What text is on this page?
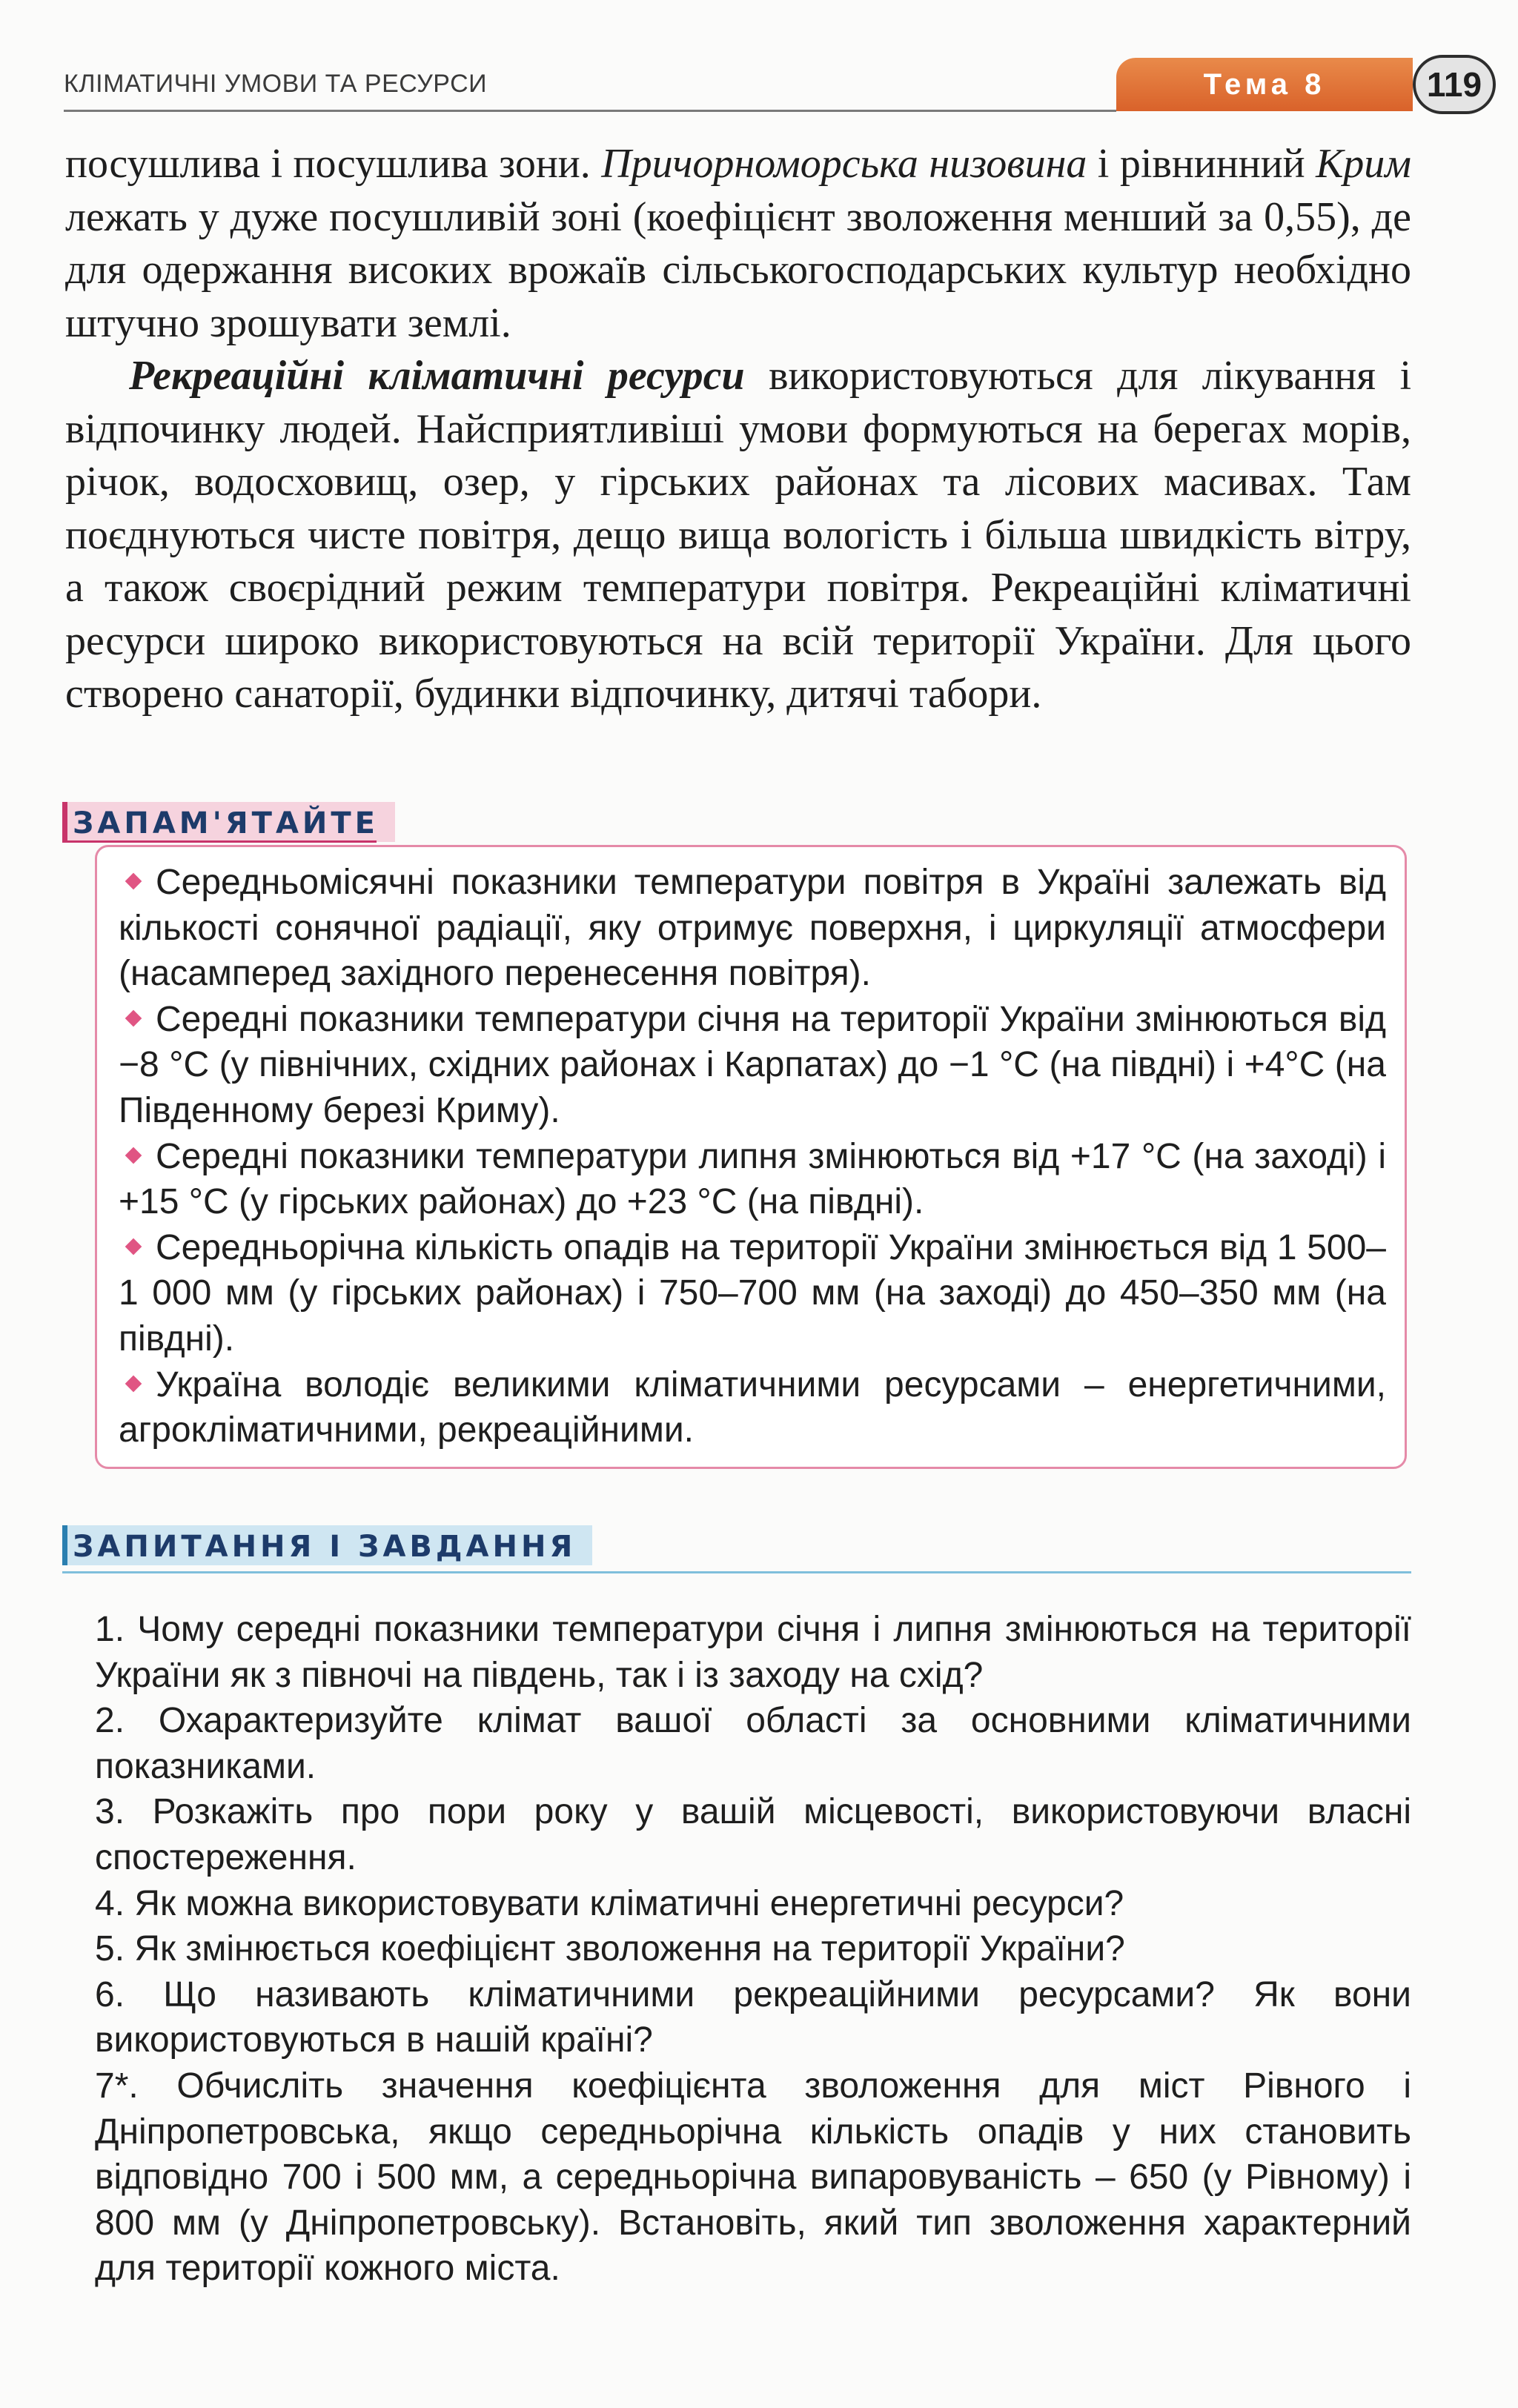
КЛІМАТИЧНІ УМОВИ ТА РЕСУРСИ	Тема 8	119

посушлива і посушлива зони. Причорноморська низовина і рівнинний Крим лежать у дуже посушливій зоні (коефіцієнт зволоження менший за 0,55), де для одержання високих врожаїв сільськогосподарських культур необхідно штучно зрошувати землі.

Рекреаційні кліматичні ресурси використовуються для лікування і відпочинку людей. Найсприятливіші умови формуються на берегах морів, річок, водосховищ, озер, у гірських районах та лісових масивах. Там поєднуються чисте повітря, дещо вища вологість і більша швидкість вітру, а також своєрідний режим температури повітря. Рекреаційні кліматичні ресурси широко використовуються на всій території України. Для цього створено санаторії, будинки відпочинку, дитячі табори.

ЗАПАМ'ЯТАЙТЕ
Середньомісячні показники температури повітря в Україні залежать від кількості сонячної радіації, яку отримує поверхня, і циркуляції атмосфери (насамперед західного перенесення повітря).
Середні показники температури січня на території України змінюються від −8 °C (у північних, східних районах і Карпатах) до −1 °C (на півдні) і +4°C (на Південному березі Криму).
Середні показники температури липня змінюються від +17 °C (на заході) і +15 °C (у гірських районах) до +23 °C (на півдні).
Середньорічна кількість опадів на території України змінюється від 1 500–1 000 мм (у гірських районах) і 750–700 мм (на заході) до 450–350 мм (на півдні).
Україна володіє великими кліматичними ресурсами – енергетичними, агрокліматичними, рекреаційними.
ЗАПИТАННЯ І ЗАВДАННЯ
1. Чому середні показники температури січня і липня змінюються на території України як з півночі на південь, так і із заходу на схід?
2. Охарактеризуйте клімат вашої області за основними кліматичними показниками.
3. Розкажіть про пори року у вашій місцевості, використовуючи власні спостереження.
4. Як можна використовувати кліматичні енергетичні ресурси?
5. Як змінюється коефіцієнт зволоження на території України?
6. Що називають кліматичними рекреаційними ресурсами? Як вони використовуються в нашій країні?
7*. Обчисліть значення коефіцієнта зволоження для міст Рівного і Дніпропетровська, якщо середньорічна кількість опадів у них становить відповідно 700 і 500 мм, а середньорічна випаровуваність – 650 (у Рівному) і 800 мм (у Дніпропетровську). Встановіть, який тип зволоження характерний для території кожного міста.
